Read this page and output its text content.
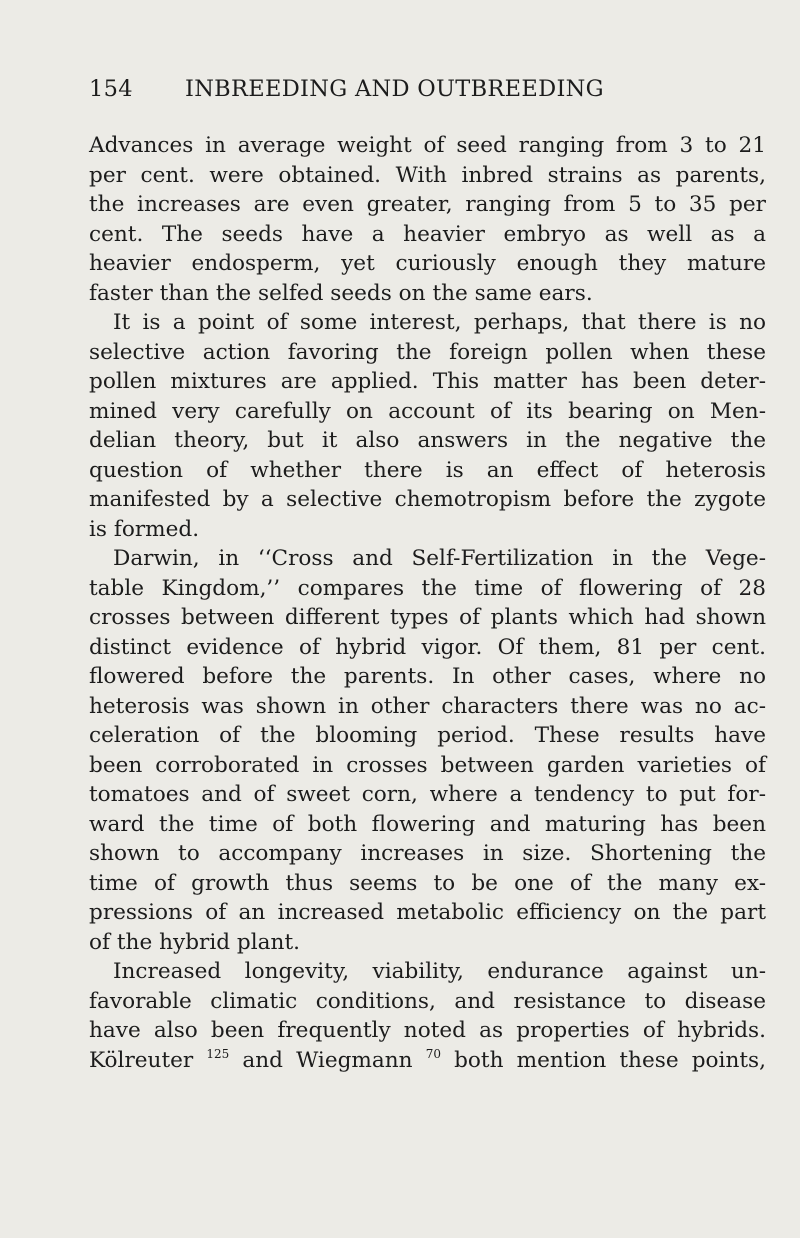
154 INBREEDING AND OUTBREEDING
Advances in average weight of seed ranging from 3 to 21
per cent. were obtained. With inbred strains as parents,
the increases are even greater, ranging from 5 to 35 per
cent. The seeds have a heavier embryo as well as a
heavier endosperm, yet curiously enough they mature
faster than the selfed seeds on the same ears.
It is a point of some interest, perhaps, that there is no
selective action favoring the foreign pollen when these
pollen mixtures are applied. This matter has been deter-
mined very carefully on account of its bearing on Men-
delian theory, but it also answers in the negative the
question of whether there is an effect of heterosis
manifested by a selective chemotropism before the zygote
is formed.
Darwin, in ‘‘Cross and Self-Fertilization in the Vege-
table Kingdom,’’ compares the time of flowering of 28
crosses between different types of plants which had shown
distinct evidence of hybrid vigor. Of them, 81 per cent.
flowered before the parents. In other cases, where no
heterosis was shown in other characters there was no ac-
celeration of the blooming period. These results have
been corroborated in crosses between garden varieties of
tomatoes and of sweet corn, where a tendency to put for-
ward the time of both flowering and maturing has been
shown to accompany increases in size. Shortening the
time of growth thus seems to be one of the many ex-
pressions of an increased metabolic efficiency on the part
of the hybrid plant.
Increased longevity, viability, endurance against un-
favorable climatic conditions, and resistance to disease
have also been frequently noted as properties of hybrids.
Kölreuter $^{125}$ and Wiegmann $^{70}$ both mention these points,
